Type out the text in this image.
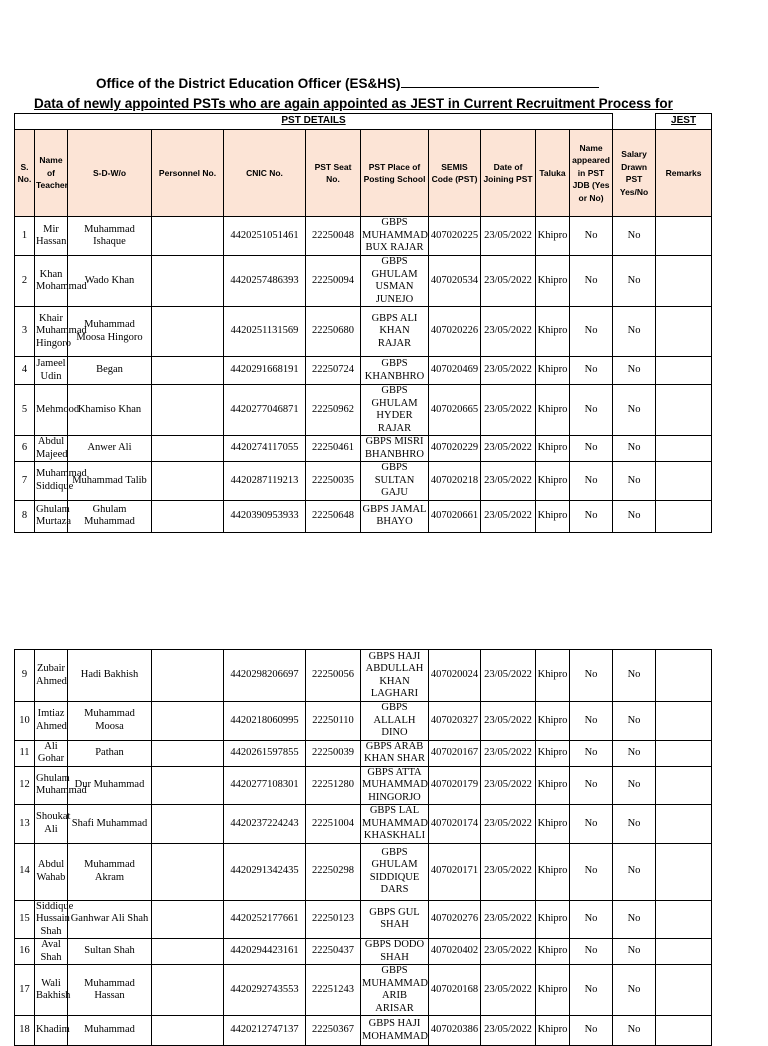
Office of the District Education Officer (ES&HS)
Data of newly appointed PSTs who are again appointed as JEST in Current Recruitment Process for
PST DETAILS												JEST
S. No.	Name of Teacher	S-D-W/o	Personnel No.	CNIC No.	PST Seat No.	PST Place of Posting School	SEMIS Code (PST)	Date of Joining PST	Taluka	Name appeared in PST JDB (Yes or No)	Salary Drawn PST Yes/No	Remarks
1	Mir Hassan	Muhammad Ishaque		4420251051461	22250048	GBPS MUHAMMAD BUX RAJAR	407020225	23/05/2022	Khipro	No	No	
2	Khan Mohammad	Wado Khan		4420257486393	22250094	GBPS GHULAM USMAN JUNEJO	407020534	23/05/2022	Khipro	No	No	
3	Khair Muhammad Hingoro	Muhammad Moosa Hingoro		4420251131569	22250680	GBPS ALI KHAN RAJAR	407020226	23/05/2022	Khipro	No	No	
4	Jameel Udin	Began		4420291668191	22250724	GBPS KHANBHRO	407020469	23/05/2022	Khipro	No	No	
5	Mehmood	Khamiso Khan		4420277046871	22250962	GBPS GHULAM HYDER RAJAR	407020665	23/05/2022	Khipro	No	No	
6	Abdul Majeed	Anwer Ali		4420274117055	22250461	GBPS MISRI BHANBHRO	407020229	23/05/2022	Khipro	No	No	
7	Muhammad Siddique	Muhammad Talib		4420287119213	22250035	GBPS SULTAN GAJU	407020218	23/05/2022	Khipro	No	No	
8	Ghulam Murtaza	Ghulam Muhammad		4420390953933	22250648	GBPS JAMAL BHAYO	407020661	23/05/2022	Khipro	No	No	
9	Zubair Ahmed	Hadi Bakhish		4420298206697	22250056	GBPS HAJI ABDULLAH KHAN LAGHARI	407020024	23/05/2022	Khipro	No	No	
10	Imtiaz Ahmed	Muhammad Moosa		4420218060995	22250110	GBPS ALLALH DINO	407020327	23/05/2022	Khipro	No	No	
11	Ali Gohar	Pathan		4420261597855	22250039	GBPS ARAB KHAN SHAR	407020167	23/05/2022	Khipro	No	No	
12	Ghulam Muhammad	Dur Muhammad		4420277108301	22251280	GBPS ATTA MUHAMMAD HINGORJO	407020179	23/05/2022	Khipro	No	No	
13	Shoukat Ali	Shafi Muhammad		4420237224243	22251004	GBPS LAL MUHAMMAD KHASKHALI	407020174	23/05/2022	Khipro	No	No	
14	Abdul Wahab	Muhammad Akram		4420291342435	22250298	GBPS GHULAM SIDDIQUE DARS	407020171	23/05/2022	Khipro	No	No	
15	Siddique Hussain Shah	Ganhwar Ali Shah		4420252177661	22250123	GBPS GUL SHAH	407020276	23/05/2022	Khipro	No	No	
16	Aval Shah	Sultan Shah		4420294423161	22250437	GBPS DODO SHAH	407020402	23/05/2022	Khipro	No	No	
17	Wali Bakhish	Muhammad Hassan		4420292743553	22251243	GBPS MUHAMMAD ARIB ARISAR	407020168	23/05/2022	Khipro	No	No	
18	Khadim	Muhammad		4420212747137	22250367	GBPS HAJI MOHAMMAD	407020386	23/05/2022	Khipro	No	No	
